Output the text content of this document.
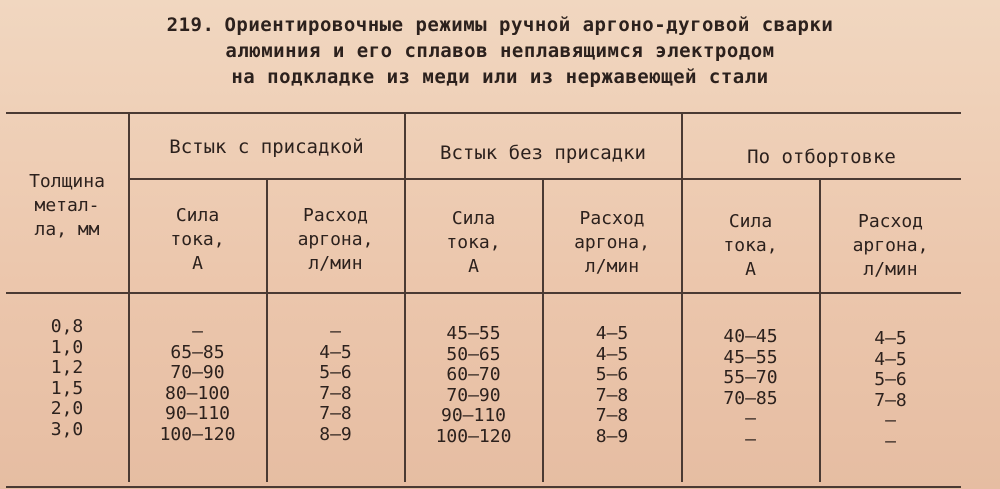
219. Ориентировочные режимы ручной аргоно-дуговой сварки
алюминия и его сплавов неплавящимся электродом
на подкладке из меди или из нержавеющей стали
Толщина
метал-
ла, мм
Встык с присадкой	Встык без присадки	По отбортовке
Сила
тока,
А
Расход
аргона,
л/мин
Сила
тока,
А
Расход
аргона,
л/мин
Сила
тока,
А
Расход
аргона,
л/мин
0,8
1,0
1,2
1,5
2,0
3,0
—
65—85
70—90
80—100
90—110
100—120
—
4—5
5—6
7—8
7—8
8—9
45—55
50—65
60—70
70—90
90—110
100—120
4—5
4—5
5—6
7—8
7—8
8—9
40—45
45—55
55—70
70—85
—
—
4—5
4—5
5—6
7—8
—
—
